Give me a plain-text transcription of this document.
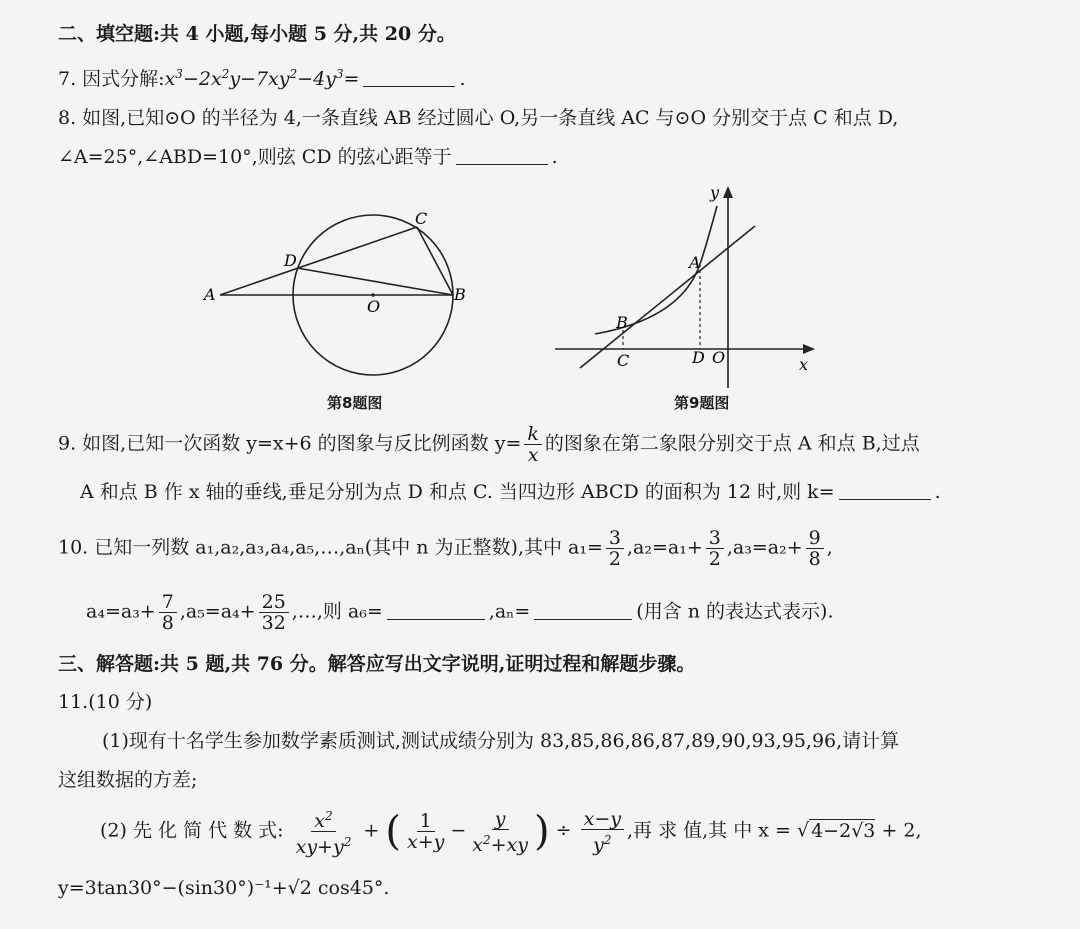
二、填空题:共 4 小题,每小题 5 分,共 20 分。
7. 因式分解$:x^3-2x^2y-7xy^2-4y^3=$	.
8. 如图,已知⊙O 的半径为 4,一条直线 AB 经过圆心 O,另一条直线 AC 与⊙O 分别交于点 C 和点 D,
∠A=25°,∠ABD=10°,则弦 CD 的弦心距等于	.
A	B
C
D
O
第8题图
A
B
C	D O	x
y
第9题图
9. 如图,已知一次函数 y=x+6 的图象与反比例函数 $y= \frac{k}{x}$ 的图象在第二象限分别交于点 A 和点 B,过点
A 和点 B 作 x 轴的垂线,垂足分别为点 D 和点 C. 当四边形 ABCD 的面积为 12 时,则 k=	.
10. 已知一列数 a₁,a₂,a₃,a₄,a₅,…,aₙ(其中 n 为正整数),其中 $a_1= \frac{3}{2} ,a_2=a_1+ \frac{3}{2} ,a_3=a_2+ \frac{9}{8}$ ,
$a_4=a_3+ \frac{7}{8} ,a_5=a_4+ \frac{25}{32}$ ,…,则 a₆=	,aₙ=	(用含 n 的表达式表示).
三、解答题:共 5 题,共 76 分。解答应写出文字说明,证明过程和解题步骤。
11.(10 分)
(1)现有十名学生参加数学素质测试,测试成绩分别为 83,85,86,86,87,89,90,93,95,96,请计算
这组数据的方差;
(2) 先 化 简 代 数 式: $\frac{x^2}{xy+y^2}$ + ( $\frac{1}{x+y} - \frac{y}{x^2+xy}$ ) ÷ $\frac{x-y}{y^2}$ ,再 求 值,其 中 x = √ 4−2√3 + 2,
y=3tan30°−(sin30°)⁻¹+√2 cos45°.
